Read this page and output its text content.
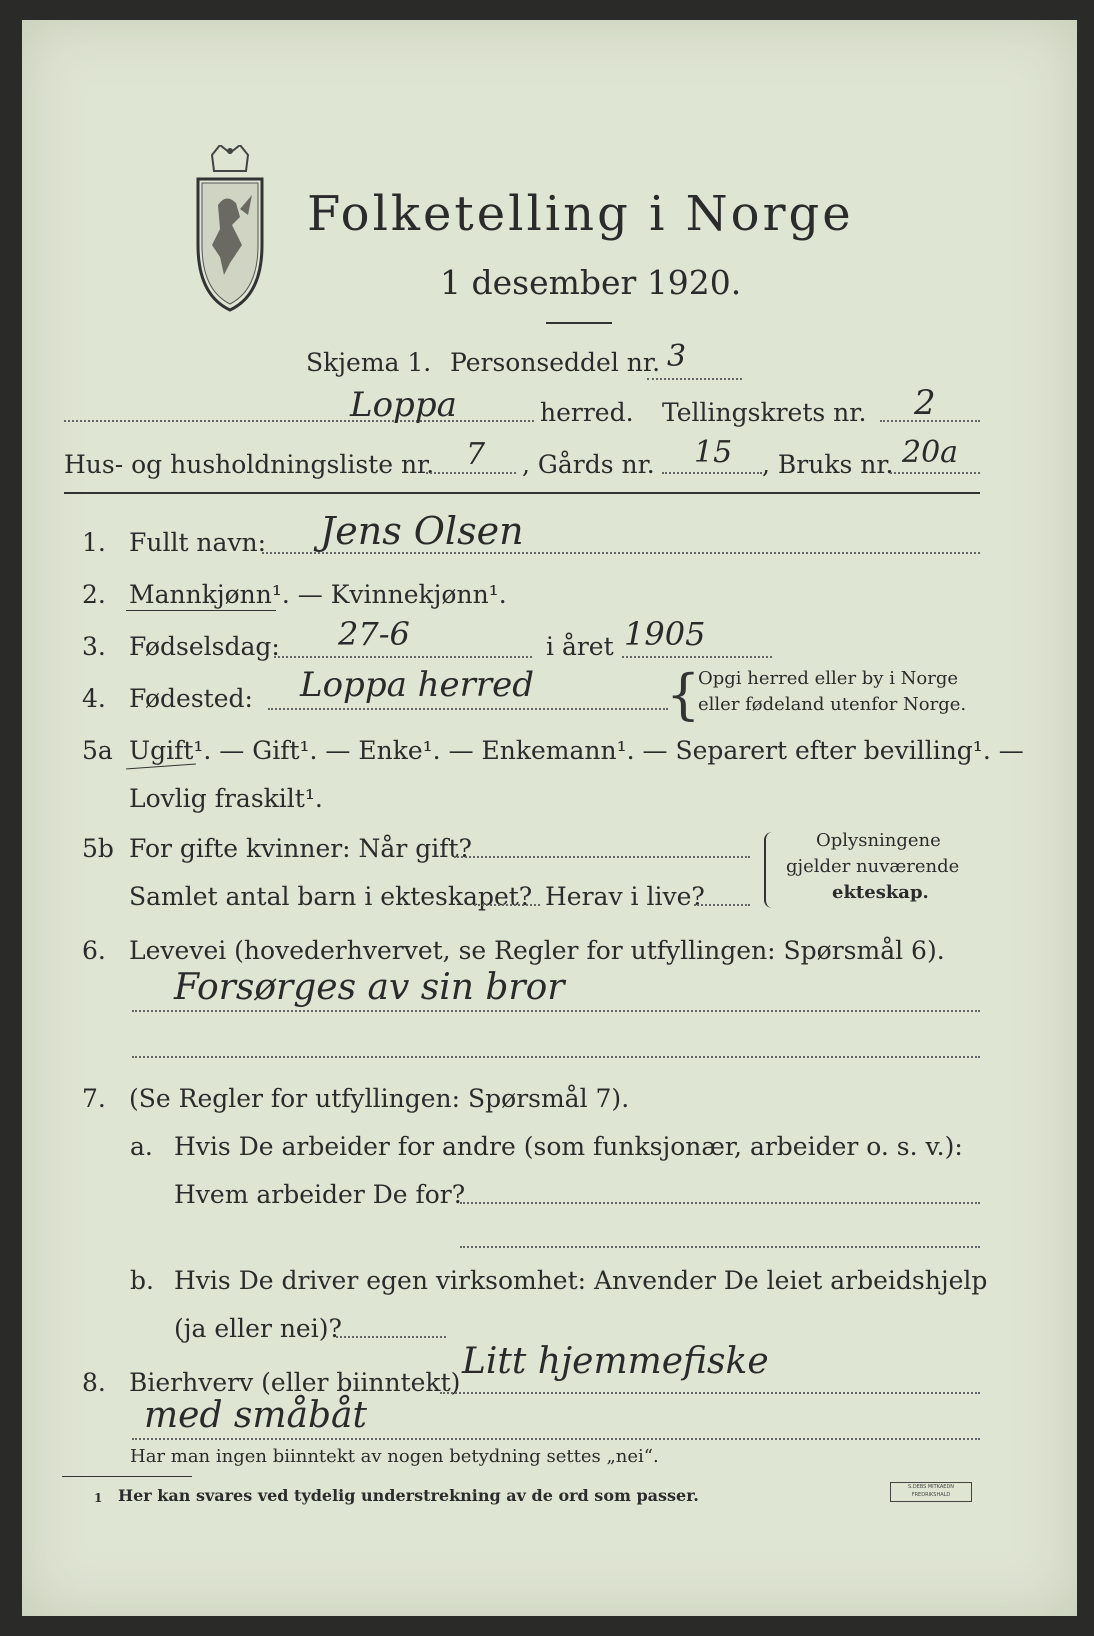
Folketelling i Norge
1 desember 1920.
Skjema 1. Personseddel nr. 3
Loppa	herred. Tellingskrets nr. 2
Hus- og husholdningsliste nr. 7 , Gårds nr. 15 , Bruks nr. 20a
1. Fullt navn: Jens Olsen
2. Mannkjønn¹. — Kvinnekjønn¹.
3. Fødselsdag: 27-6	i året 1905
4. Fødested: Loppa herred {
Opgi herred eller by i Norge
eller fødeland utenfor Norge.
5a Ugift¹. — Gift¹. — Enke¹. — Enkemann¹. — Separert efter bevilling¹. —
Lovlig fraskilt¹.
5b For gifte kvinner: Når gift?
Samlet antal barn i ekteskapet? Herav i live?
Oplysningene
gjelder nuværende
ekteskap.
6. Levevei (hovederhvervet, se Regler for utfyllingen: Spørsmål 6).
Forsørges av sin bror
7. (Se Regler for utfyllingen: Spørsmål 7).
a. Hvis De arbeider for andre (som funksjonær, arbeider o. s. v.):
Hvem arbeider De for?
b. Hvis De driver egen virksomhet: Anvender De leiet arbeidshjelp
(ja eller nei)?
8. Bierhverv (eller biinntekt)
Litt hjemmefiske
med småbåt
Har man ingen biinntekt av nogen betydning settes „nei“.
1 Her kan svares ved tydelig understrekning av de ord som passer.	S.DEBS MITKAEDN
FREDRIKSHALD
